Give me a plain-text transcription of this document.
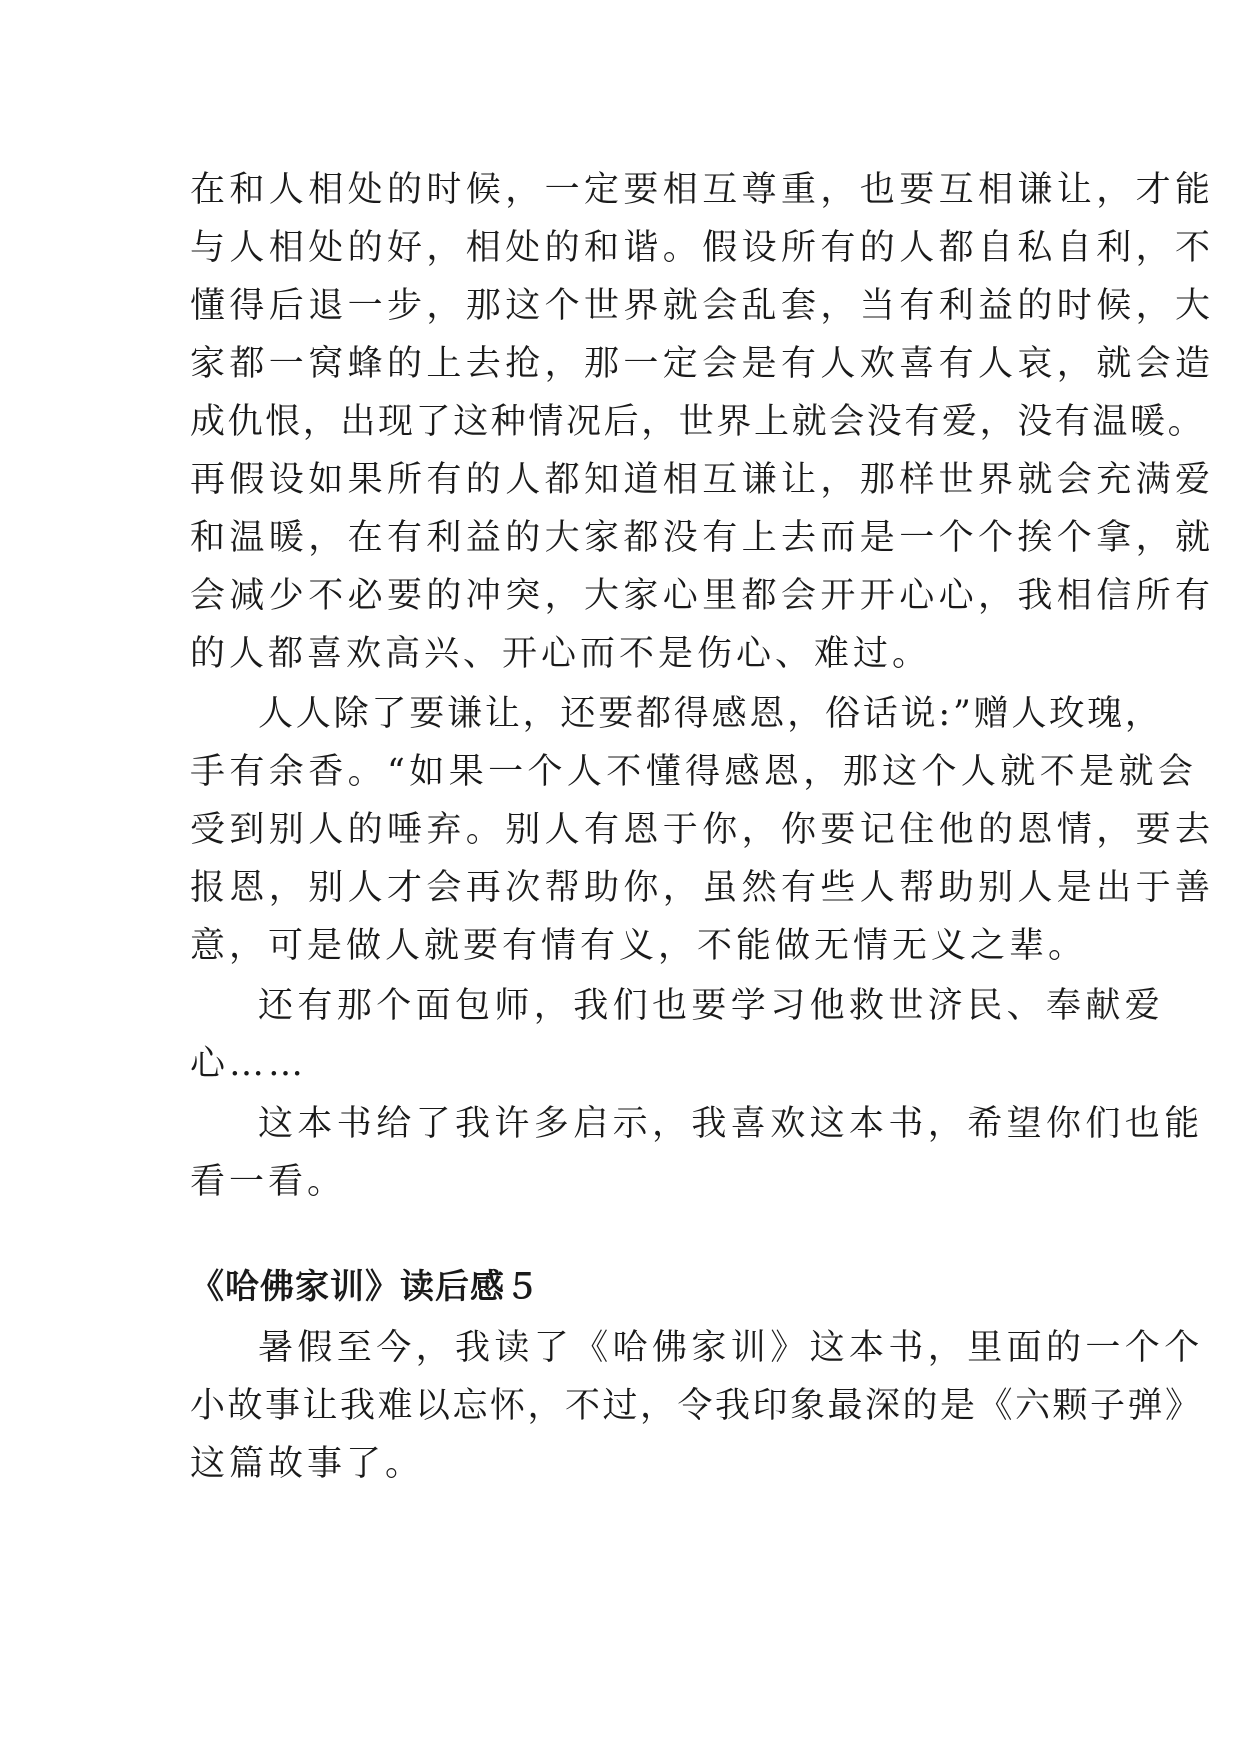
在和人相处的时候，一定要相互尊重，也要互相谦让，才能

与人相处的好，相处的和谐。假设所有的人都自私自利，不

懂得后退一步，那这个世界就会乱套，当有利益的时候，大

家都一窝蜂的上去抢，那一定会是有人欢喜有人哀，就会造

成仇恨，出现了这种情况后，世界上就会没有爱，没有温暖。

再假设如果所有的人都知道相互谦让，那样世界就会充满爱

和温暖，在有利益的大家都没有上去而是一个个挨个拿，就

会减少不必要的冲突，大家心里都会开开心心，我相信所有

的人都喜欢高兴、开心而不是伤心、难过。

人人除了要谦让，还要都得感恩，俗话说:”赠人玫瑰，

手有余香。“如果一个人不懂得感恩，那这个人就不是就会

受到别人的唾弃。别人有恩于你，你要记住他的恩情，要去

报恩，别人才会再次帮助你，虽然有些人帮助别人是出于善

意，可是做人就要有情有义，不能做无情无义之辈。

还有那个面包师，我们也要学习他救世济民、奉献爱

心……

这本书给了我许多启示，我喜欢这本书，希望你们也能

看一看。

《哈佛家训》读后感５

暑假至今，我读了《哈佛家训》这本书，里面的一个个

小故事让我难以忘怀，不过，令我印象最深的是《六颗子弹》

这篇故事了。
